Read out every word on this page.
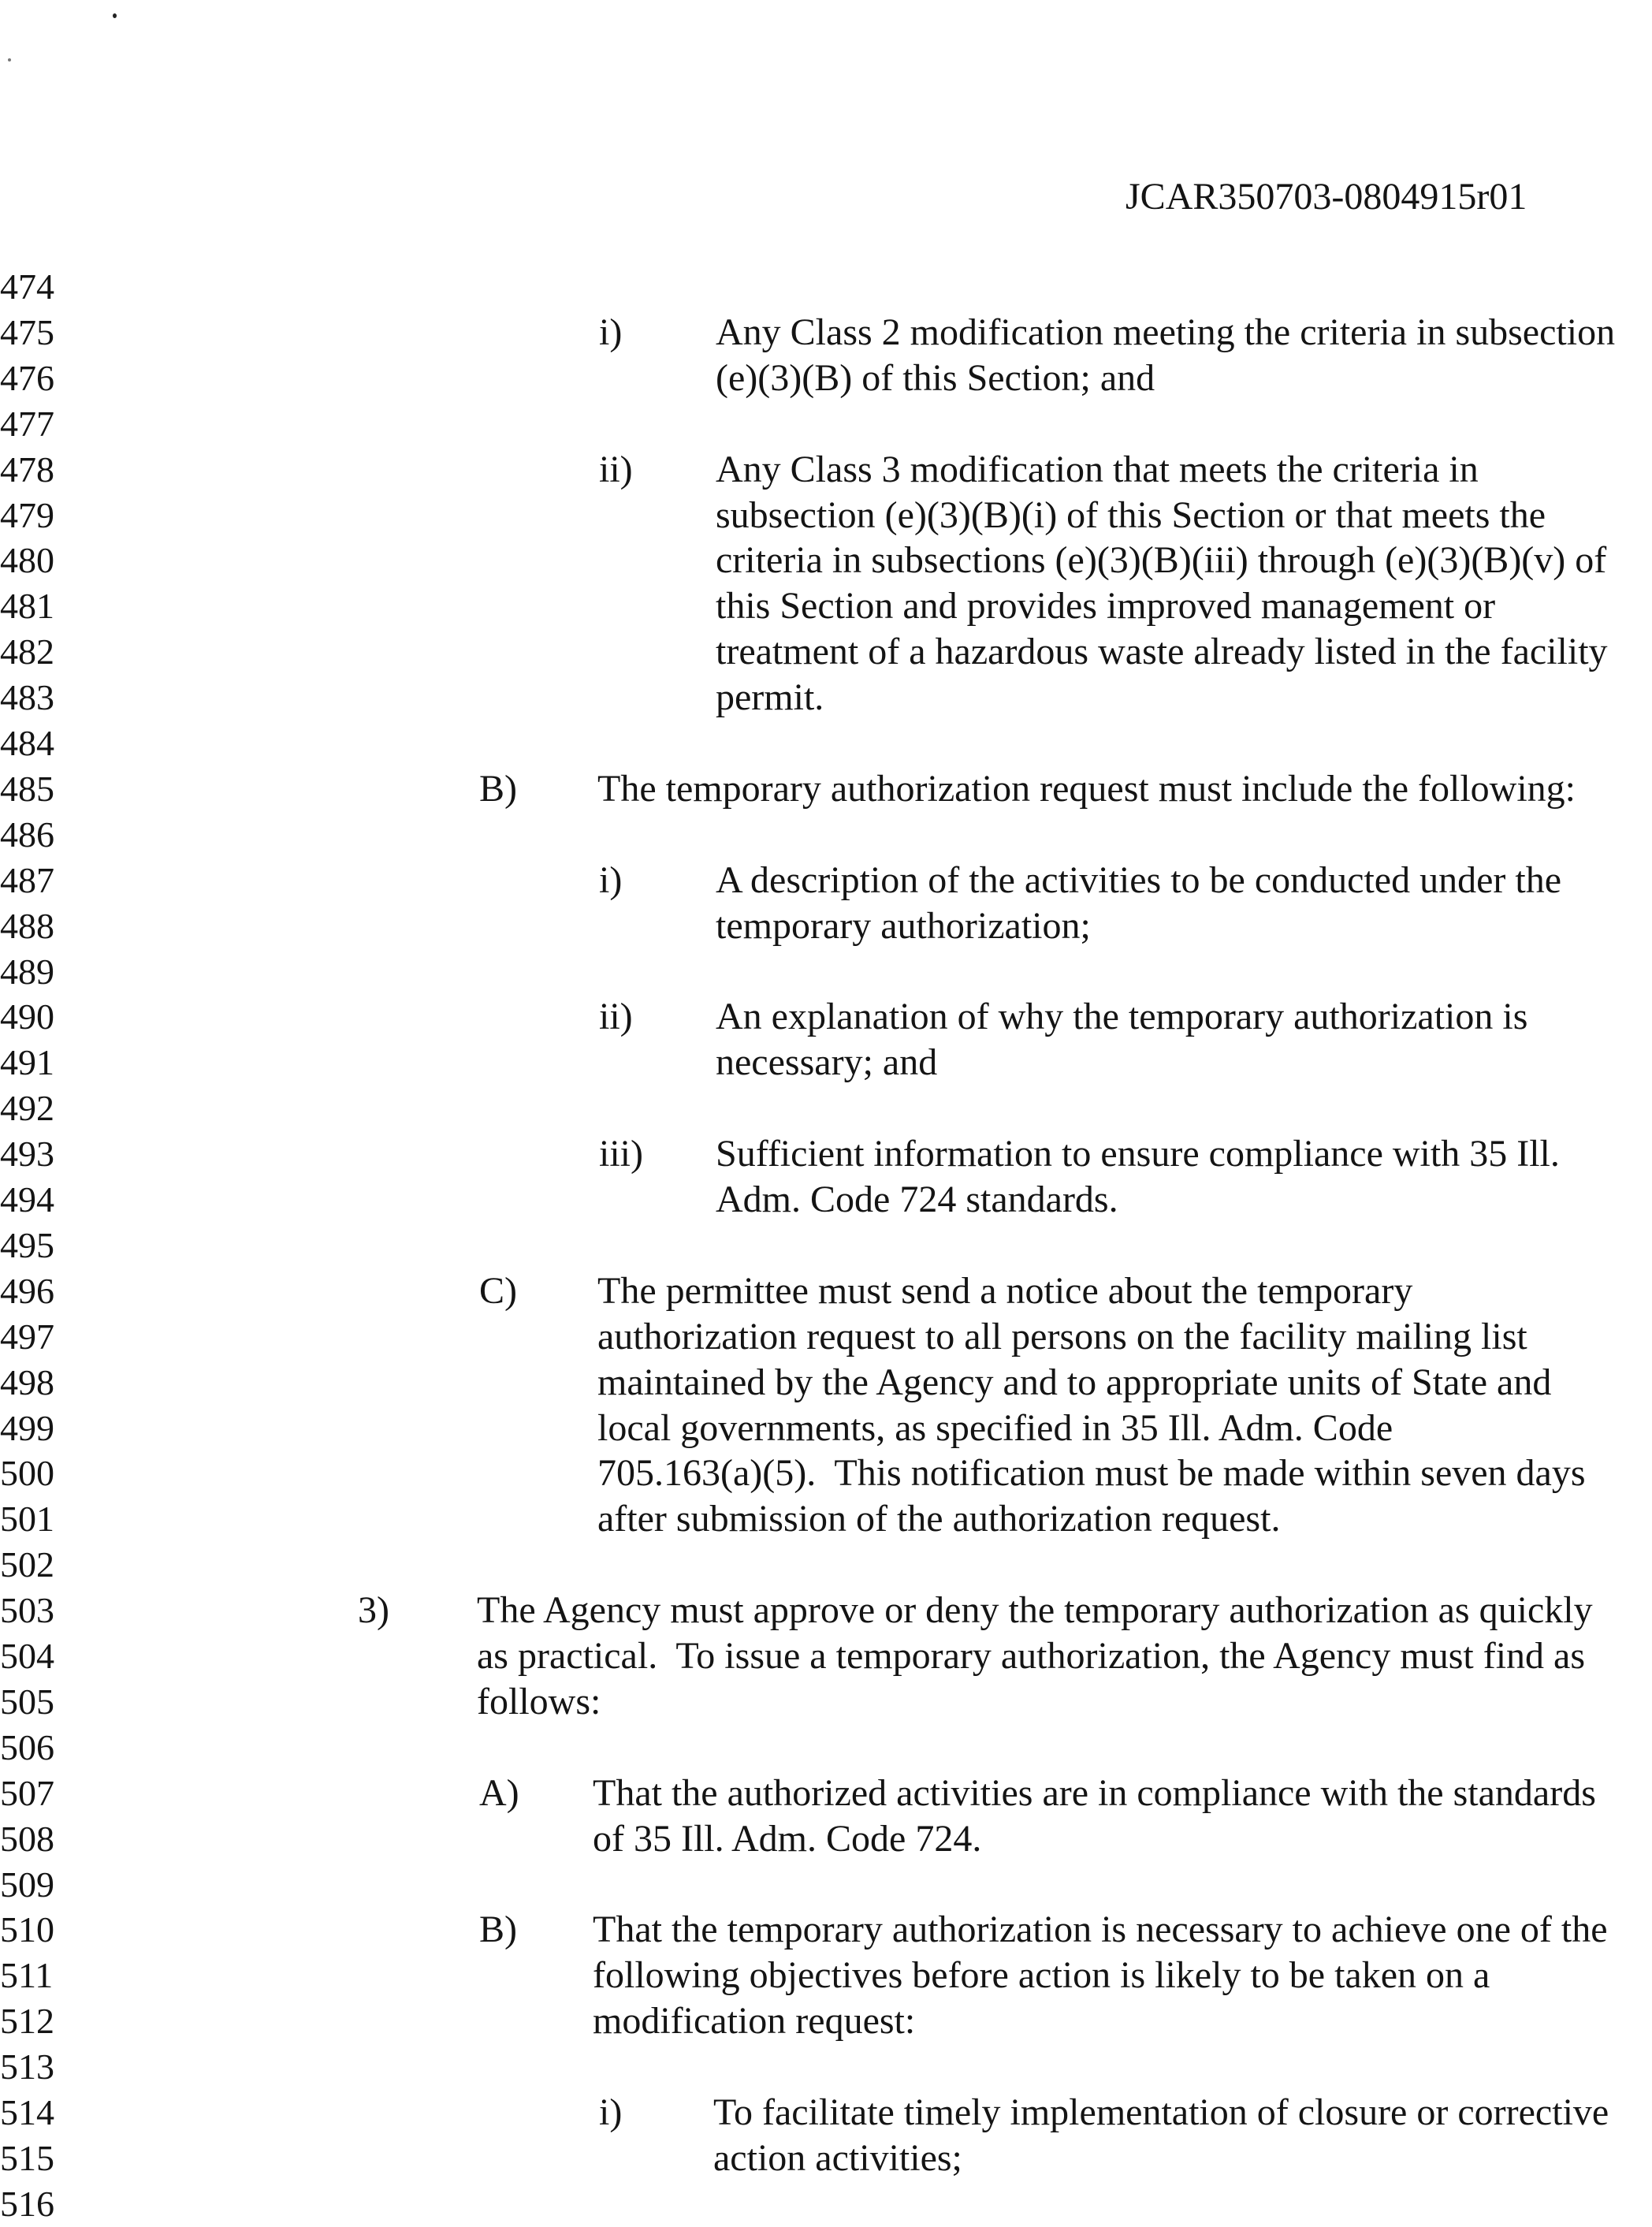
JCAR350703-0804915r01
474
475
476
477
478
479
480
481
482
483
484
485
486
487
488
489
490
491
492
493
494
495
496
497
498
499
500
501
502
503
504
505
506
507
508
509
510
511
512
513
514
515
516
i) Any Class 2 modification meeting the criteria in subsection
(e)(3)(B) of this Section; and
ii) Any Class 3 modification that meets the criteria in
subsection (e)(3)(B)(i) of this Section or that meets the
criteria in subsections (e)(3)(B)(iii) through (e)(3)(B)(v) of
this Section and provides improved management or
treatment of a hazardous waste already listed in the facility
permit.
B) The temporary authorization request must include the following:
i) A description of the activities to be conducted under the
temporary authorization;
ii) An explanation of why the temporary authorization is
necessary; and
iii) Sufficient information to ensure compliance with 35 Ill.
Adm. Code 724 standards.
C) The permittee must send a notice about the temporary
authorization request to all persons on the facility mailing list
maintained by the Agency and to appropriate units of State and
local governments, as specified in 35 Ill. Adm. Code
705.163(a)(5).  This notification must be made within seven days
after submission of the authorization request.
3) The Agency must approve or deny the temporary authorization as quickly
as practical.  To issue a temporary authorization, the Agency must find as
follows:
A) That the authorized activities are in compliance with the standards
of 35 Ill. Adm. Code 724.
B) That the temporary authorization is necessary to achieve one of the
following objectives before action is likely to be taken on a
modification request:
i) To facilitate timely implementation of closure or corrective
action activities;
